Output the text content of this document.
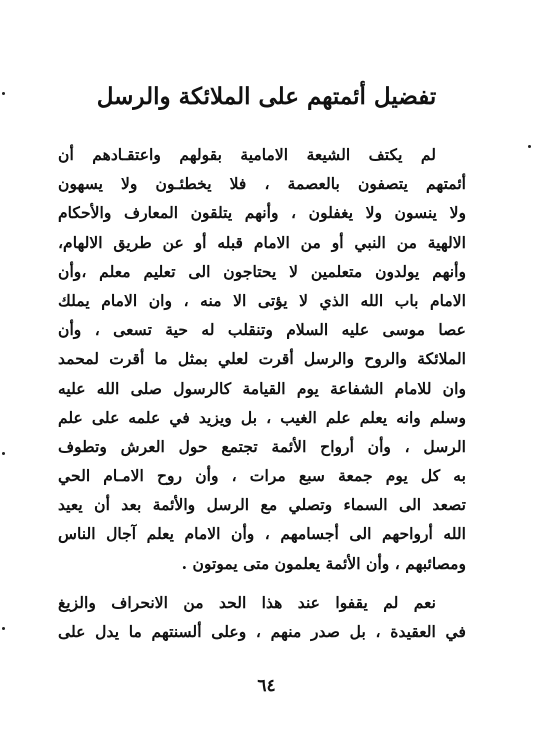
تفضيل أئمتهم على الملائكة والرسل
لم يكتف الشيعة الامامية بقولهم واعتقـادهم أن
أئمتهم يتصفون بالعصمة ، فلا يخطئـون ولا يسهون
ولا ينسون ولا يغفلون ، وأنهم يتلقون المعارف والأحكام
الالهية من النبي أو من الامام قبله أو عن طريق الالهام،
وأنهم يولدون متعلمين لا يحتاجون الى تعليم معلم ،وأن
الامام باب الله الذي لا يؤتى الا منه ، وان الامام يملك
عصا موسى عليه السلام وتنقلب له حية تسعى ، وأن
الملائكة والروح والرسل أقرت لعلي بمثل ما أقرت لمحمد
وان للامام الشفاعة يوم القيامة كالرسول صلى الله عليه
وسلم وانه يعلم علم الغيب ، بل ويزيد في علمه على علم
الرسل ، وأن أرواح الأئمة تجتمع حول العرش وتطوف
به كل يوم جمعة سبع مرات ، وأن روح الامـام الحي
تصعد الى السماء وتصلي مع الرسل والأئمة بعد أن يعيد
الله أرواحهم الى أجسامهم ، وأن الامام يعلم آجال الناس
ومصائبهم ، وأن الأئمة يعلمون متى يموتون .
نعم لم يقفوا عند هذا الحد من الانحراف والزيغ
في العقيدة ، بل صدر منهم ، وعلى ألسنتهم ما يدل على
٦٤
